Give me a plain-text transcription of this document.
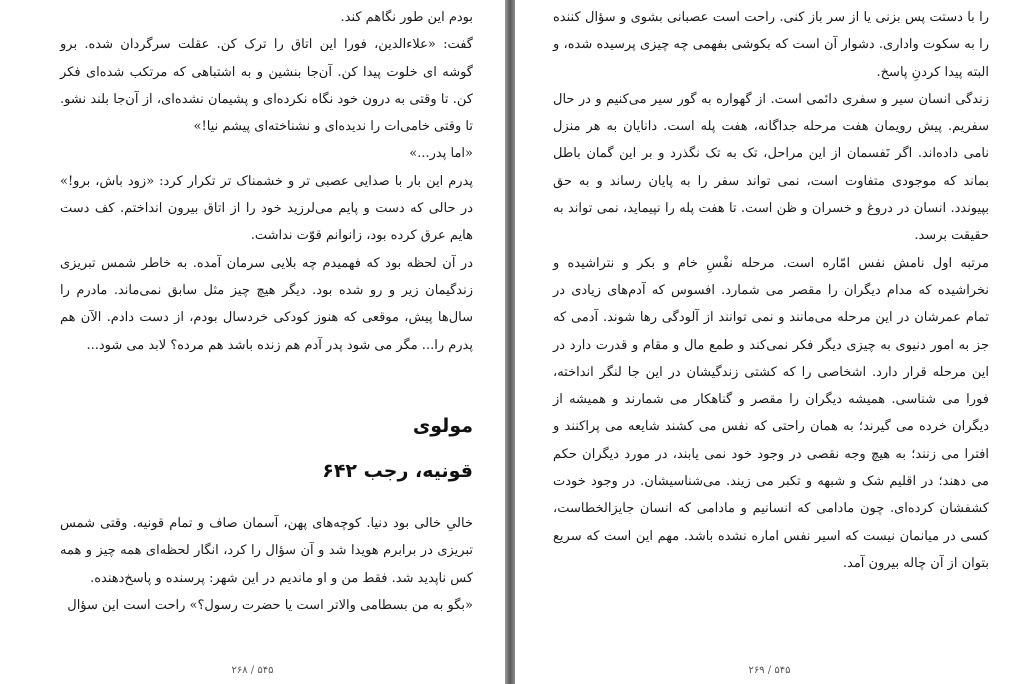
بودم این طور نگاهم کند.

گفت: «علاءالدین، فورا این اتاق را ترک کن. عقلت سرگردان شده. برو گوشه ای خلوت پیدا کن. آن‌جا بنشین و به اشتباهی که مرتکب شده‌ای فکر کن. تا وقتی به درون خود نگاه نکرده‌ای و پشیمان نشده‌ای، از آن‌جا بلند نشو. تا وقتی خامی‌ات را ندیده‌ای و نشناخته‌ای پیشم نیا!»

«اما پدر...»

پدرم این بار با صدایی عصبی تر و خشمناک تر تکرار کرد: «زود باش، برو!» در حالی که دست و پایم می‌لرزید خود را از اتاق بیرون انداختم. کف دست هایم عرق کرده بود، زانوانم قوّت نداشت.

در آن لحظه بود که فهمیدم چه بلایی سرمان آمده. به خاطر شمس تبریزی زندگیمان زیر و رو شده بود. دیگر هیچ چیز مثل سابق نمی‌ماند. مادرم را سال‌ها پیش، موقعی که هنوز کودکی خردسال بودم، از دست دادم. الآن هم پدرم را... مگر می شود پدر آدم هم زنده باشد هم مرده؟ لابد می شود...

مولوی
قونیه، رجب ۶۴۲

خالیِ خالی بود دنیا. کوچه‌های پهن، آسمان صاف و تمام قونیه. وقتی شمس تبریزی در برابرم هویدا شد و آن سؤال را کرد، انگار لحظه‌ای همه چیز و همه کس ناپدید شد. فقط من و او ماندیم در این شهر: پرسنده و پاسخ‌دهنده.

«بگو به من بسطامی والاتر است یا حضرت رسول؟» راحت است این سؤال

۵۴۵ / ۲۶۸

را با دستت پس بزنی یا از سر باز کنی. راحت است عصبانی بشوی و سؤال کننده را به سکوت واداری. دشوار آن است که بکوشی بفهمی چه چیزی پرسیده شده، و البته پیدا کردنِ پاسخ.

زندگی انسان سیر و سفری دائمی است. از گهواره به گور سیر می‌کنیم و در حال سفریم. پیش رویمان هفت مرحله جداگانه، هفت پله است. دانایان به هر منزل نامی داده‌اند. اگر نَفسمان از این مراحل، تک به تک نگذرد و بر این گمان باطل بماند که موجودی متفاوت است، نمی تواند سفر را به پایان رساند و به حق بپیوندد. انسان در دروغ و خسران و ظن است. تا هفت پله را نپیماید، نمی تواند به حقیقت برسد.

مرتبه اول نامش نفس امّاره است. مرحله نفْسِ خام و بکر و نتراشیده و نخراشیده که مدام دیگران را مقصر می شمارد. افسوس که آدم‌های زیادی در تمام عمرشان در این مرحله می‌مانند و نمی توانند از آلودگی رها شوند. آدمی که جز به امور دنیوی به چیزی دیگر فکر نمی‌کند و طمع مال و مقام و قدرت دارد در این مرحله قرار دارد. اشخاصی را که کشتی زندگیشان در این جا لنگر انداخته، فورا می شناسی. همیشه دیگران را مقصر و گناهکار می شمارند و همیشه از دیگران خرده می گیرند؛ به همان راحتی که نفس می کشند شایعه می پراکنند و افترا می زنند؛ به هیچ وجه نقصی در وجود خود نمی یابند، در مورد دیگران حکم می دهند؛ در اقلیم شک و شبهه و تکبر می زیند. می‌شناسیشان. در وجود خودت کشفشان کرده‌ای. چون مادامی که انسانیم و مادامی که انسان جایزالخطاست، کسی در میانمان نیست که اسیر نفس اماره نشده باشد. مهم این است که سریع بتوان از آن چاله بیرون آمد.

۵۴۵ / ۲۶۹
